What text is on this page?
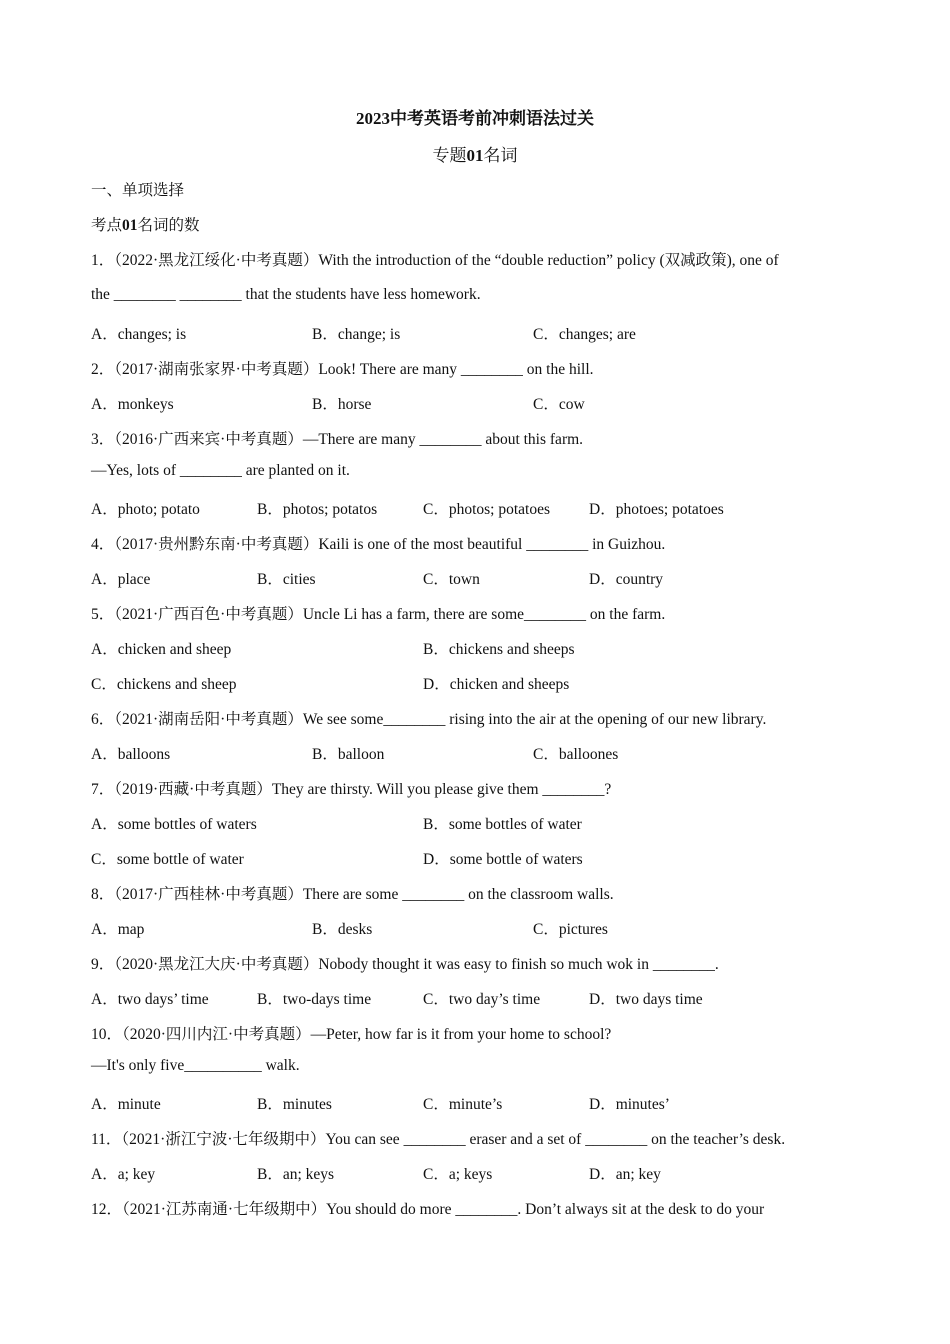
2023中考英语考前冲刺语法过关
专题01名词
一、单项选择
考点01名词的数
1．（2022·黑龙江绥化·中考真题）With the introduction of the “double reduction” policy (双减政策), one of
the ________ ________ that the students have less homework.
A．changes; is	B．change; is	C．changes; are
2．（2017·湖南张家界·中考真题）Look! There are many ________ on the hill.
A．monkeys	B．horse	C．cow
3．（2016·广西来宾·中考真题）—There are many ________ about this farm.
—Yes, lots of ________ are planted on it.
A．photo; potato	B．photos; potatos	C．photos; potatoes	D．photoes; potatoes
4．（2017·贵州黔东南·中考真题）Kaili is one of the most beautiful ________ in Guizhou.
A．place	B．cities	C．town	D．country
5．（2021·广西百色·中考真题）Uncle Li has a farm, there are some________ on the farm.
A．chicken and sheep	B．chickens and sheeps
C．chickens and sheep	D．chicken and sheeps
6．（2021·湖南岳阳·中考真题）We see some________ rising into the air at the opening of our new library.
A．balloons	B．balloon	C．balloones
7．（2019·西藏·中考真题）They are thirsty. Will you please give them ________?
A．some bottles of waters	B．some bottles of water
C．some bottle of water	D．some bottle of waters
8．（2017·广西桂林·中考真题）There are some ________ on the classroom walls.
A．map	B．desks	C．pictures
9．（2020·黑龙江大庆·中考真题）Nobody thought it was easy to finish so much wok in ________.
A．two days’ time	B．two-days time	C．two day’s time	D．two days time
10．（2020·四川内江·中考真题）—Peter, how far is it from your home to school?
—It's only five__________ walk.
A．minute	B．minutes	C．minute’s	D．minutes’
11．（2021·浙江宁波·七年级期中）You can see ________ eraser and a set of ________ on the teacher’s desk.
A．a; key	B．an; keys	C．a; keys	D．an; key
12．（2021·江苏南通·七年级期中）You should do more ________. Don’t always sit at the desk to do your
